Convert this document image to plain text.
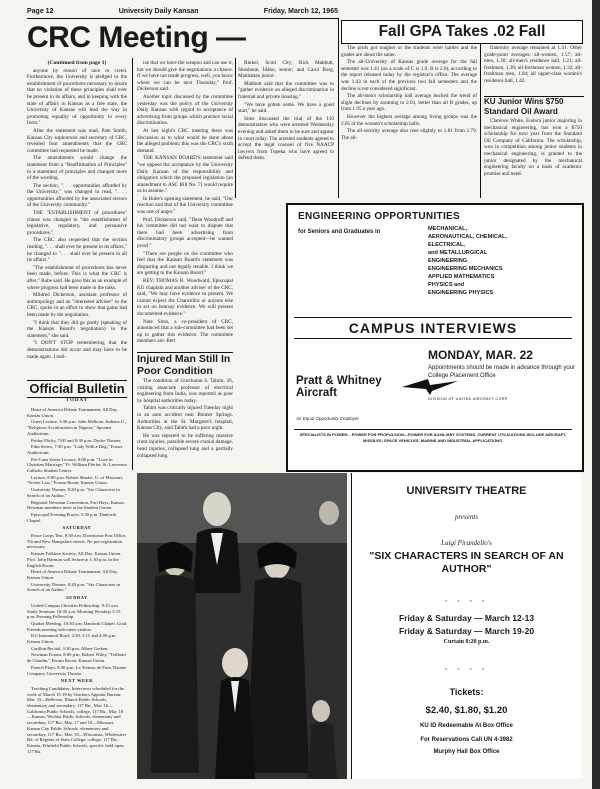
Page 12	University Daily Kansan	Friday, March 12, 1965
CRC Meeting —

(Continued from page 1)

anyone by reason of race or creed. Furthermore, the University is pledged to the establishment of procedures necessary to insure that no violation of these principles shall ever be present in its affairs, and in keeping with the state of affairs in Kansas as a free state, the University of Kansas will lead the way in promoting equality of opportunity in every form."

After the statement was read, Pam Smith, Kansas City sophomore and secretary of CRC, revealed four amendments that the CRC committee had requested be made.

The amendments would change the statement from a "Reaffirmation of Principles" to a statement of principles and changed more of the wording.

The section, ". . . opportunities afforded by the University," was changed to read, ". . . opportunities afforded by the associated sectors of the University community."

THE "ESTABLISHMENT of procedures" clause was changed to "the establishment of legislative, regulatory, and persuasive procedures."

The CRC also requested that the section reading, ". . . shall ever be present in its affairs," be changed to ". . . shall ever be present in all its affairs."

"The establishment of procedures has never been made, before. This is what the CRC is after," Rube said. He gave this as an example of where progress had been made in the talks.

Mildred Dickerson, assistant professor of anthropology and an "interested adviser" to the CRC, spoke in an effort to show that gains had been made by the negotiation.

"I think that they did go partly (speaking of the Kansas Board's negotiation) in the statement," she said.

"I DON'T STOP remembering that the demonstrations did occur and may have to be made again. I real-

ize that we have the weapon and can use it, but we should give the negotiations a chance. If we have not made progress, well, you know where we can be next Thursday," Prof. Dickerson said.

Another topic discussed by the committee yesterday was the policy of the University Daily Kansan with regard to acceptance of advertising from groups which practice racial discrimination.

At last night's CRC meeting there was discussion as to what would be done about the alleged problem; this was the CRC's sixth demand.

THE KANSAN BOARD'S statement said "we oppose the acceptance by the University Daily Kansan of the responsibility and obligation which the proposed legislation (an amendment to ASC Bill No. 7) would require us to assume."

In Rube's opening statement, he said, "Our reaction and that of the University committee was one of anger."

Prof. Dickerson said, "Dean Woodruff and his committee did not want to dispute that there had been advertising from discriminatory groups accepted—he wanted proof."

"There are people on the committee who feel that the Kansan Board's statement was disgusting and not legally tenable. I think we are getting to the Kansan Board."

REV. THOMAS R. Woodward, Episcopal KU chaplain and another adviser of the CRC, said, "We may have evidence to present. We cannot expect the Chancellor or anyone else to act on hearsay evidence. We will present documented evidence."

Nate Sims, a co-president of CRC, announced that a sub-committee had been set up to gather this evidence. The committee members are: Bert

Rinkel, Scott City; Rick Mabbutt, Shoshone, Idaho, senior; and Carol Borg, Manhattan junior.

Mabbutt said that the committee was to "gather evidence on alleged discrimination in fraternal and private housing."

"We have gotten some. We have a good start," he said.

Sims discussed the trial of the 110 demonstrators who were arrested Wednesday evening and asked them to be sure and appear in court today. The arrested students agreed to accept the legal counsel of five NAACP lawyers from Topeka who have agreed to defend them.

Official Bulletin
TODAY

Heart of America Debate Tournament, All Day, Kansas Union.

Guest Lecture, 3:30 p.m. John Melhorn, Indiana U., "Religious Acculturation in Nigeria," Spooner Auditorium.

Friday Flicks, 7:00 and 9:30 p.m. Dyche Theater.

Film Series, 7:30 p.m. "Lady With a Dog," Fraser Auditorium.

Pre-Cana Series Lecture, 8:00 p.m. "Love in Christian Marriage," Fr. William Pfeifer, St. Lawrence Catholic Student Center.

Lecture, 8:00 p.m. Robert Sharlet, U. of Missouri, "Soviet Law," Forum Room, Kansas Union.

University Theater, 8:20 p.m. "Six Characters in Search of an Author."

Regional Newman Convention, Fort Hays, Kansas. Newman members meet at the Student Center.

Episcopal Evening Prayer, 5:30 p.m. Danforth Chapel.

SATURDAY

Peace Corps Test, 8:30 a.m. Downtown Post Office, 7th and New Hampshire streets. No pre-registration necessary.

Kansas Folklore Society, All Day. Kansas Union. Prof. John Harmon will lecture at 1:30 p.m. in the English Room.

Heart of America Debate Tournament, All Day, Kansas Union.

University Theatre, 8:20 p.m. "Six Characters in Search of an Author."

SUNDAY

United Campus Christian Fellowship, 9:15 a.m. Study Seminar; 10:45 a.m. Morning Worship; 5:15 p.m. Evening Fellowship.

Quaker Meeting, 10:30 a.m. Danforth Chapel. Grad Friends meeting welcomes visitors.

KU Intramural Bowl, 2:30, 3:15 and 4:00 p.m. Kansas Union.

Carillon Recital, 3:30 p.m. Albert Gerken.

Newman Forum, 8:00 p.m. Robert Wiley, "Teilhard de Chardin," Forum Room, Kansas Union.

French Plays, 8:30 p.m. Le Treteau de Paris Theatre Company, University Theatre.

NEXT WEEK

Teaching Candidates: Interviews scheduled for the week of March 15-19 by Teachers Appoint Bureau: Mar. 15—Bellevue, Illinois Public Schools, elementary and secondary, 117 Bu.; Mar. 16—California Public Schools, college, 117 Bu.; Mar. 18—Kansas, Wichita Public Schools, elementary and secondary, 117 Bu.; Mar. 17 and 18—Missouri, Kansas City Public Schools, elementary and secondary, 117 Bu.; Mar. 19—Wisconsin, Whitewater Bd. of Regents of State College, college, 117 Bu.; Kansas, Winfield Public Schools, specific field open, 117 Bu.

Injured Man Still In Poor Condition

The condition of Gurcharan S. Tahim, 26, visiting associate professor of electrical engineering from India, was reported as poor by hospital authorities today.

Tahim was critically injured Tuesday night in an auto accident near Bonner Springs. Authorities at the St. Margaret's hospital, Kansas City, said Tahim had a poor night.

He was reported to be suffering massive chest injuries, possible severe cranial damage, head injuries, collapsed lung and a partially collapsed lung.

Fall GPA Takes .02 Fall

The profs got tougher or the students were harder and the grades are about the same.

The all-University of Kansas grade average for the fall semester was 1.41 (on a scale of C is 1.0, B is 2.0), according to the report released today by the registrar's office. The average was 1.43 in each of the previous two fall semesters and the decline is not considered significant.

The all-men's scholarship hall average bucked the trend of slight declines by zooming to 2.03, better than all B grades, up from 1.95 a year ago.

However the highest average among living groups was the 2.05 of the women's scholarship halls.

The all-sorority average also rose slightly to 1.81 from 1.79. The all-

fraternity average remained at 1.41. Other grade-point averages: all-women, 1.57; all-men, 1.30; all-men's residence hall, 1.21; all-freshmen, 1.26; all-freshman women, 1.32; all-freshman men, 1.04; all upper-class women's residence hall, 1.42.

KU Junior Wins $750 Standard Oil Award

Clarence White, Eudora junior majoring in mechanical engineering, has won a $750 scholarship for next year from the Standard Oil Company of California. The scholarship, won in competition among junior students in mechanical engineering, is granted to the junior designated by the mechanical engineering faculty on a basis of academic promise and need.

ENGINEERING OPPORTUNITIES
for Seniors and Graduates in	MECHANICAL,
AERONAUTICAL, CHEMICAL,
ELECTRICAL,
and METALLURGICAL
ENGINEERING
ENGINEERING MECHANICS
APPLIED MATHEMATICS
PHYSICS and
ENGINEERING PHYSICS
CAMPUS INTERVIEWS
MONDAY, MAR. 22
Appointments should be made in advance through your College Placement Office
Pratt & Whitney Aircraft	DIVISION OF UNITED AIRCRAFT CORP.
An Equal Opportunity Employer
SPECIALISTS IN POWER... POWER FOR PROPULSION—POWER FOR AUXILIARY SYSTEMS. CURRENT UTILIZATIONS INCLUDE AIRCRAFT, MISSILES, SPACE VEHICLES, MARINE AND INDUSTRIAL APPLICATIONS.
UNIVERSITY THEATRE
presents
Luigi Pirandello's
"SIX CHARACTERS IN SEARCH OF AN AUTHOR"
◦ ◦ ◦ ◦
Friday & Saturday — March 12-13
Friday & Saturday — March 19-20
Curtain 8:20 p.m.
◦ ◦ ◦ ◦
Tickets:
$2.40, $1.80, $1.20
KU ID Redeemable At Box Office
For Reservations Call UN 4-3982
Murphy Hall Box Office
